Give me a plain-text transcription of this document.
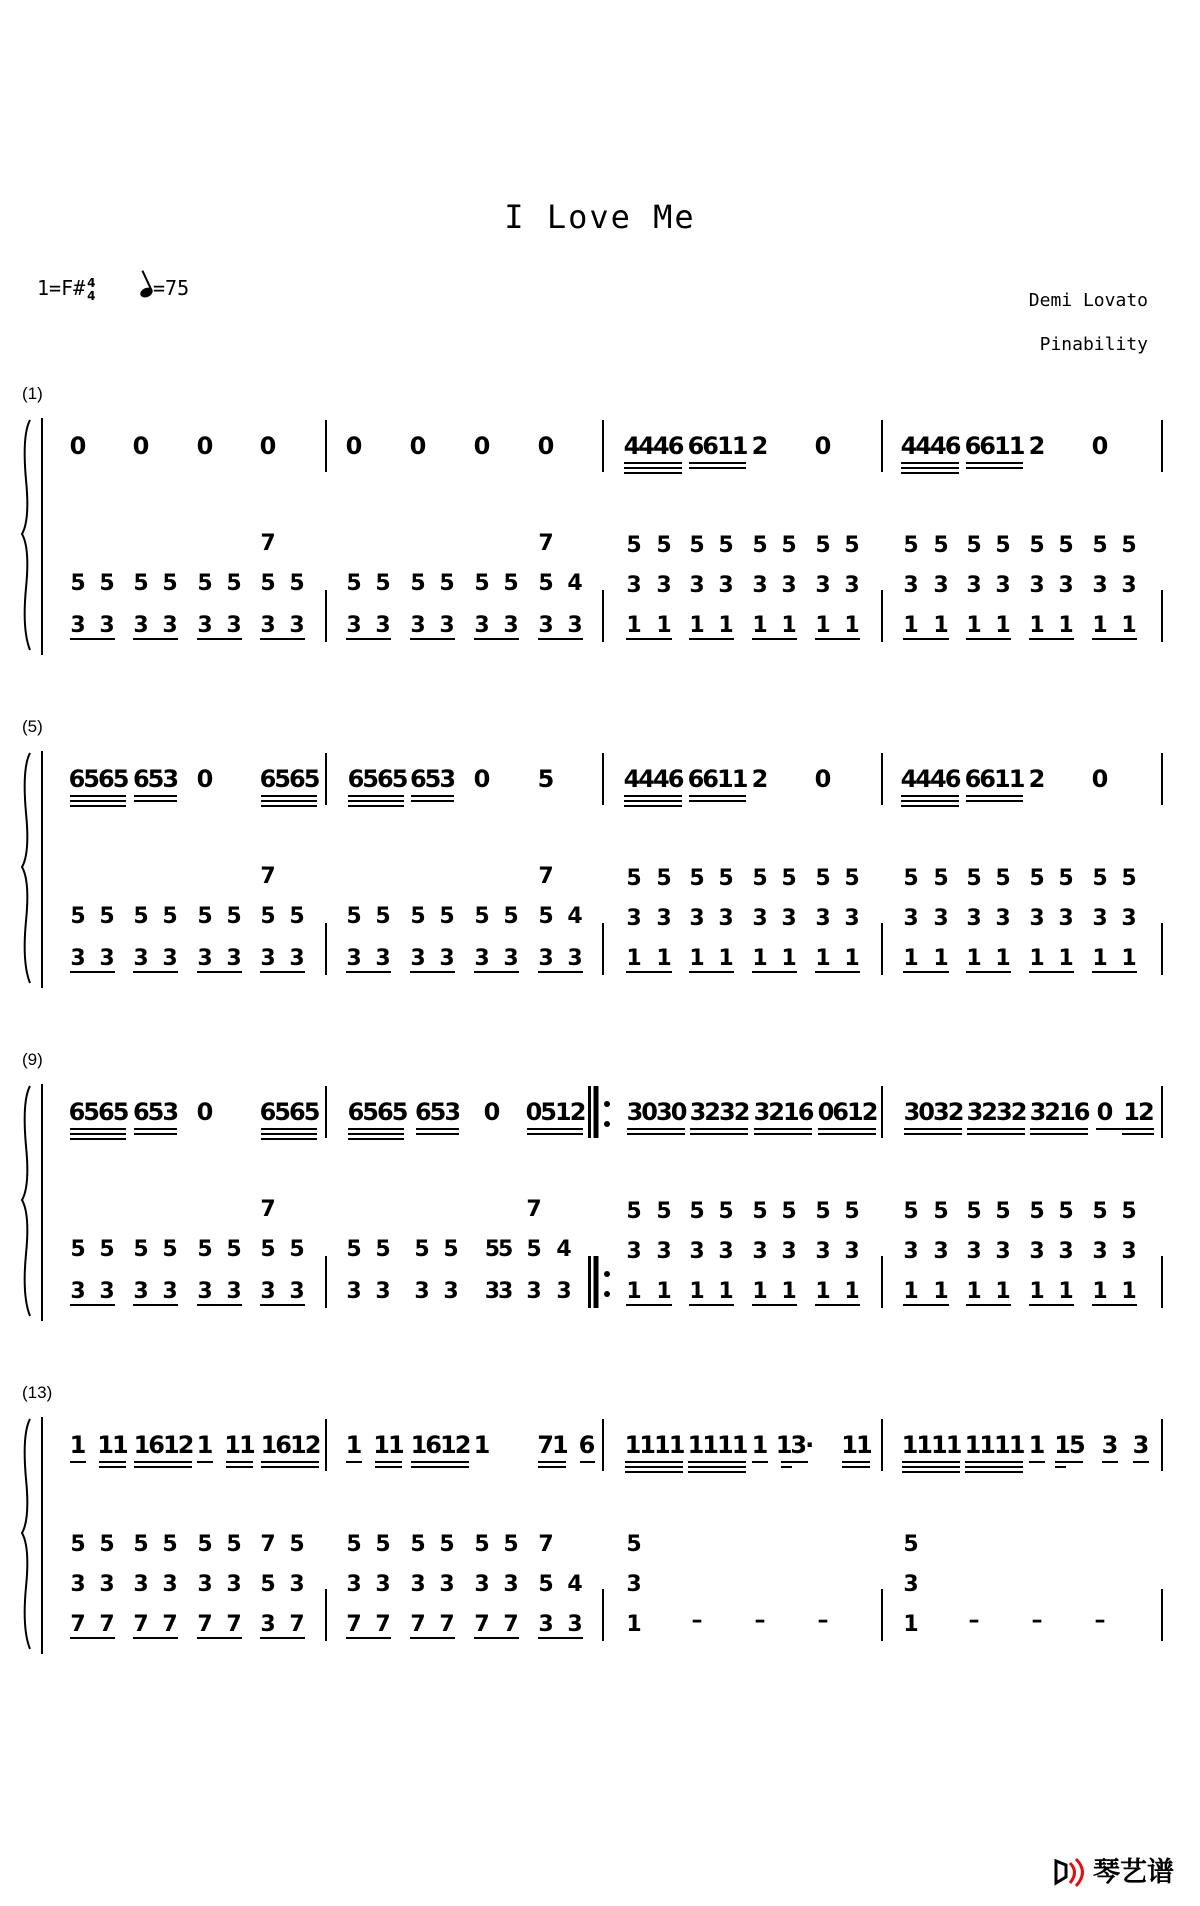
I Love Me
1=F# 4
4	=75
Demi Lovato
Pinability
(1)
(5)
(9)
(13)
0 0 0 0	0 0 0 0	4446 6611 2 0	4446 6611 2 0
7	7
5 5 5 5 5 5 5 5 5 5 5 5 5 5 5 4
3 3 3 3 3 3 3 3 3 3 3 3 3 3 3 3
5 5 5 5 5 5 5 5
3 3 3 3 3 3 3 3
1 1 1 1 1 1 1 1
5 5 5 5 5 5 5 5
3 3 3 3 3 3 3 3
1 1 1 1 1 1 1 1
6565 653 0 6565 6565 653 0 5	4446 6611 2 0	4446 6611 2 0
7	7
5 5 5 5 5 5 5 5 5 5 5 5 5 5 5 4
3 3 3 3 3 3 3 3 3 3 3 3 3 3 3 3
5 5 5 5 5 5 5 5
3 3 3 3 3 3 3 3
1 1 1 1 1 1 1 1
5 5 5 5 5 5 5 5
3 3 3 3 3 3 3 3
1 1 1 1 1 1 1 1
6565 653 0 6565 6565 653 0 0512 3030 3232 3216 0612 3032 3232 3216 0 12
7	7
5 5 5 5 5 5 5 5 5 5 5 5 55 5 4
3 3 3 3 3 3 3 3 3 3 3 3 33 3 3
5 5 5 5 5 5 5 5
3 3 3 3 3 3 3 3
1 1 1 1 1 1 1 1
5 5 5 5 5 5 5 5
3 3 3 3 3 3 3 3
1 1 1 1 1 1 1 1
1 11 1612 1 11 1612 1 11 1612 1 71 6 1111 1111 1 13· 11 1111 1111 1 15 3 3
5 5 5 5 5 5 7 5 5 5 5 5 5 5 7
3 3 3 3 3 3 5 3 3 3 3 3 3 3 5 4
7 7 7 7 7 7 3 7 7 7 7 7 7 7 3 3
5
3
1 – – –
5
3
1 – – –
琴艺谱
